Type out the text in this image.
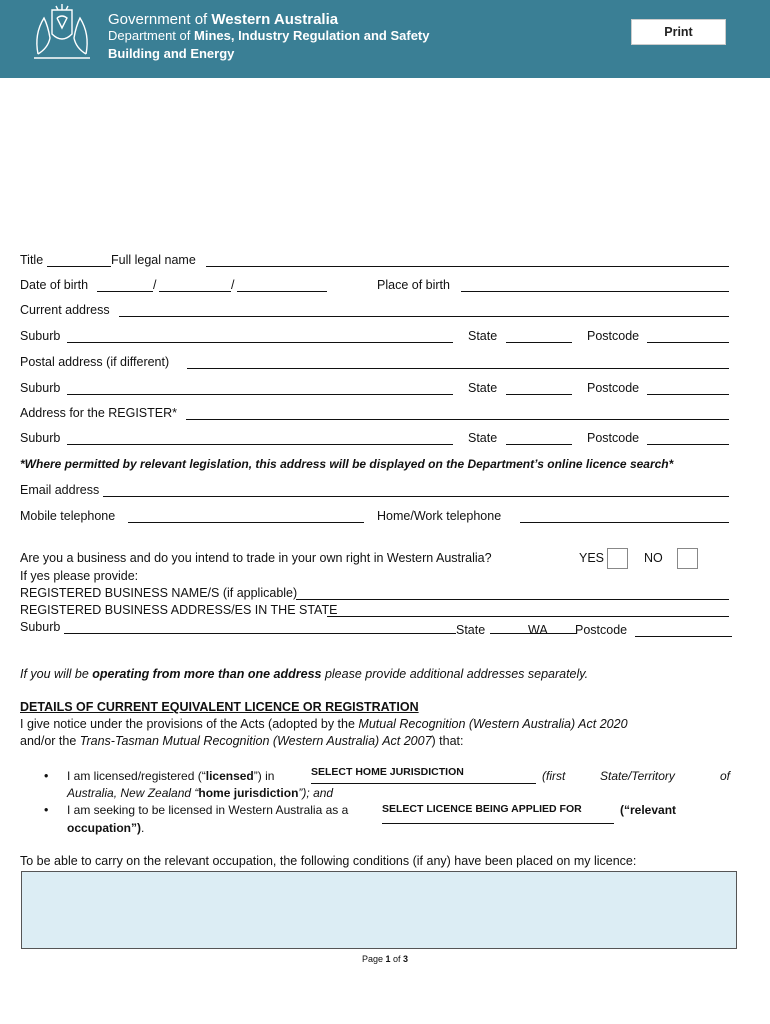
Government of Western Australia
Department of Mines, Industry Regulation and Safety
Building and Energy
Print
Title	Full legal name
Date of birth	/	/	Place of birth
Current address
Suburb	State	Postcode
Postal address (if different)
Suburb	State	Postcode
Address for the REGISTER*
Suburb	State	Postcode
*Where permitted by relevant legislation, this address will be displayed on the Department’s online licence search*
Email address
Mobile telephone	Home/Work telephone
Are you a business and do you intend to trade in your own right in Western Australia?	YES	NO
If yes please provide:
REGISTERED BUSINESS NAME/S (if applicable)
REGISTERED BUSINESS ADDRESS/ES IN THE STATE
Suburb	State	WA Postcode
If you will be operating from more than one address please provide additional addresses separately.
DETAILS OF CURRENT EQUIVALENT LICENCE OR REGISTRATION
I give notice under the provisions of the Acts (adopted by the Mutual Recognition (Western Australia) Act 2020
and/or the Trans-Tasman Mutual Recognition (Western Australia) Act 2007) that:
• I am licensed/registered (“licensed”) in	SELECT HOME JURISDICTION	(first	State/Territory	of
Australia, New Zealand “home jurisdiction”); and
• I am seeking to be licensed in Western Australia as a	SELECT LICENCE BEING APPLIED FOR	(“relevant
occupation”).
To be able to carry on the relevant occupation, the following conditions (if any) have been placed on my licence:
Page 1 of 3
